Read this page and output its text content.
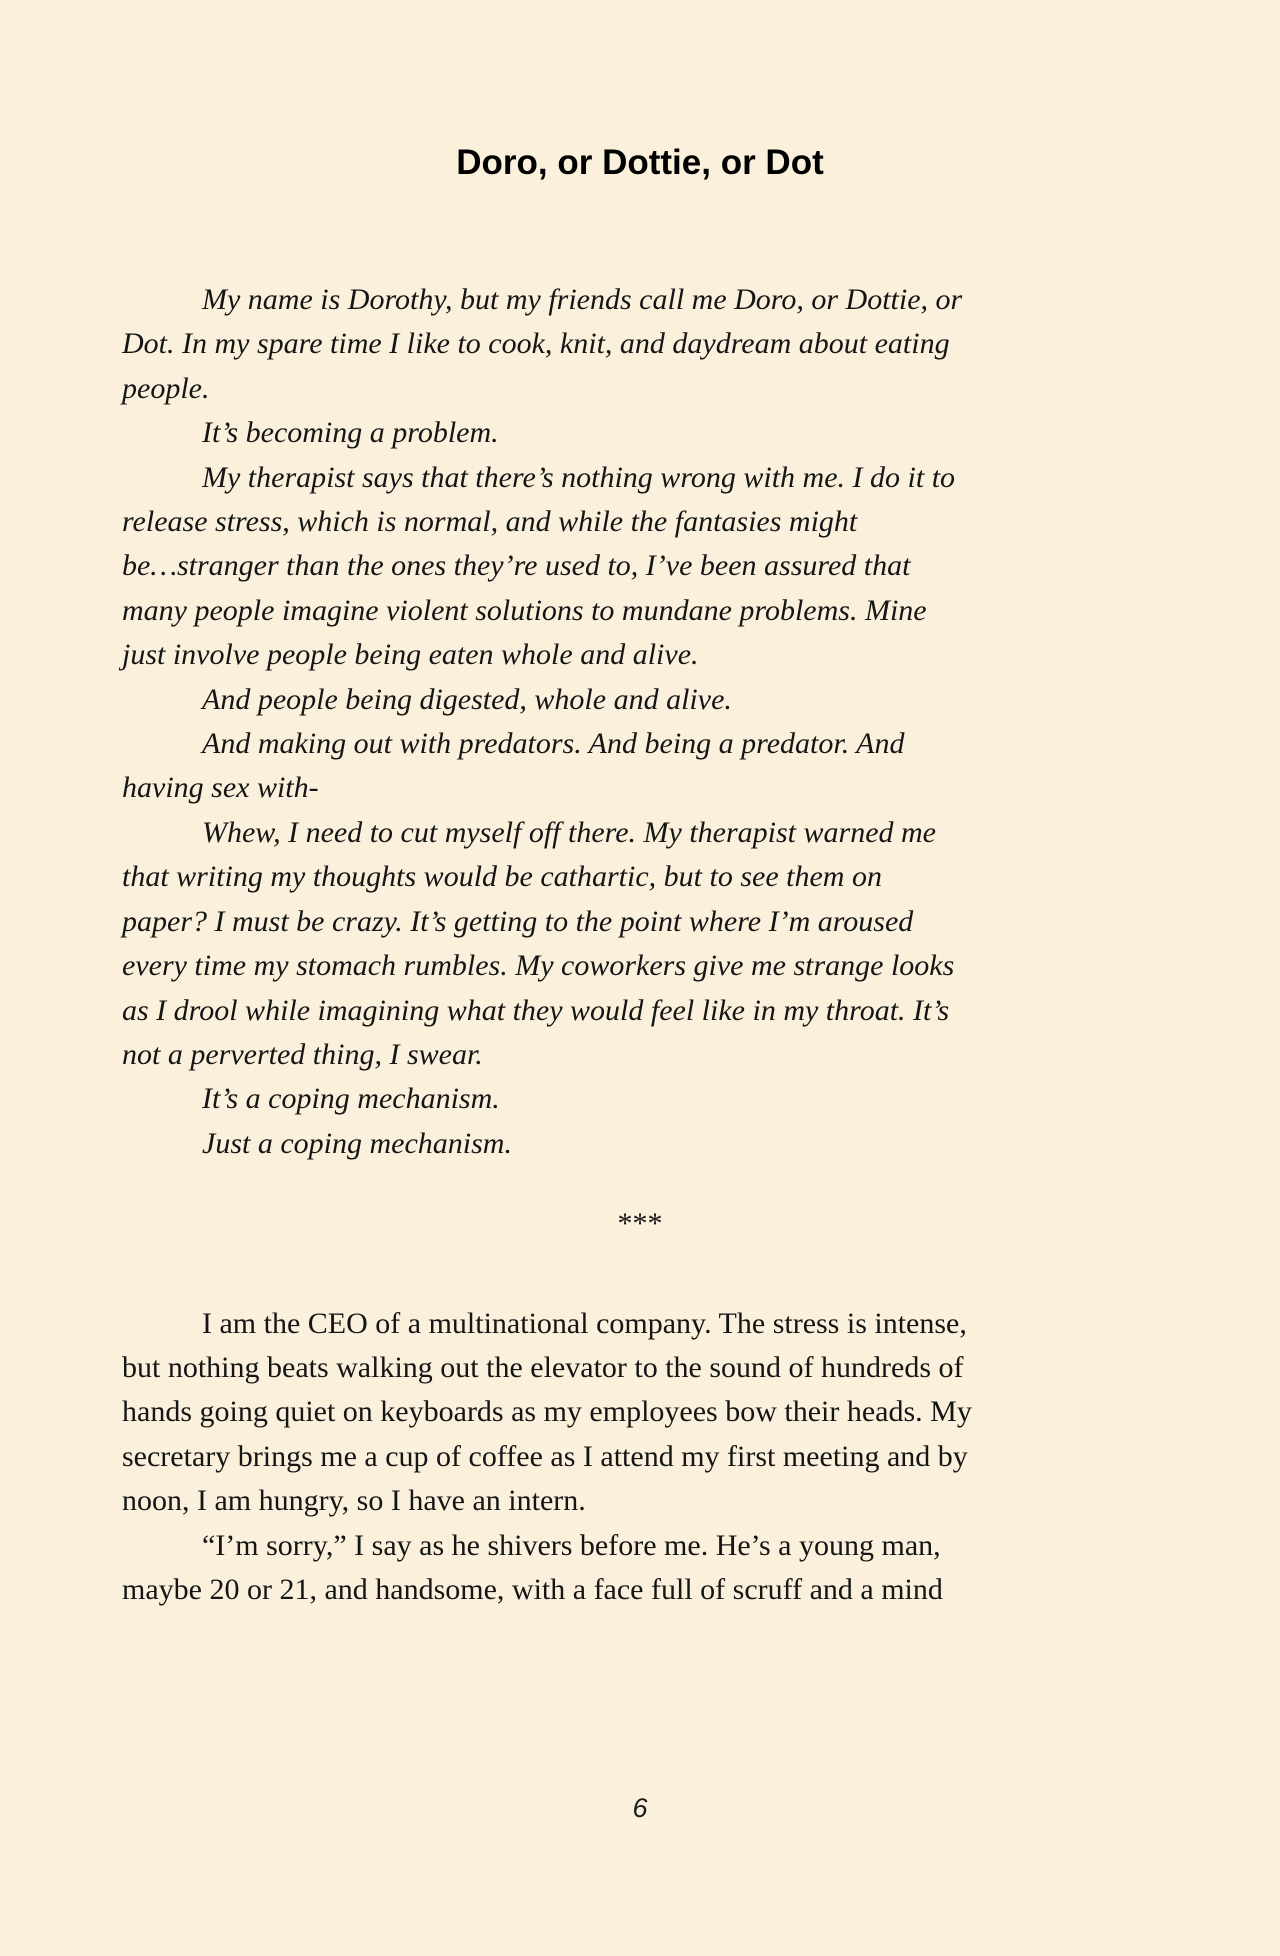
Doro, or Dottie, or Dot

My name is Dorothy, but my friends call me Doro, or Dottie, or
Dot. In my spare time I like to cook, knit, and daydream about eating
people.

It’s becoming a problem.

My therapist says that there’s nothing wrong with me. I do it to
release stress, which is normal, and while the fantasies might
be…stranger than the ones they’re used to, I’ve been assured that
many people imagine violent solutions to mundane problems. Mine
just involve people being eaten whole and alive.

And people being digested, whole and alive.

And making out with predators. And being a predator. And
having sex with-

Whew, I need to cut myself off there. My therapist warned me
that writing my thoughts would be cathartic, but to see them on
paper? I must be crazy. It’s getting to the point where I’m aroused
every time my stomach rumbles. My coworkers give me strange looks
as I drool while imagining what they would feel like in my throat. It’s
not a perverted thing, I swear.

It’s a coping mechanism.

Just a coping mechanism.

***

I am the CEO of a multinational company. The stress is intense,
but nothing beats walking out the elevator to the sound of hundreds of
hands going quiet on keyboards as my employees bow their heads. My
secretary brings me a cup of coffee as I attend my first meeting and by
noon, I am hungry, so I have an intern.

“I’m sorry,” I say as he shivers before me. He’s a young man,
maybe 20 or 21, and handsome, with a face full of scruff and a mind

6
